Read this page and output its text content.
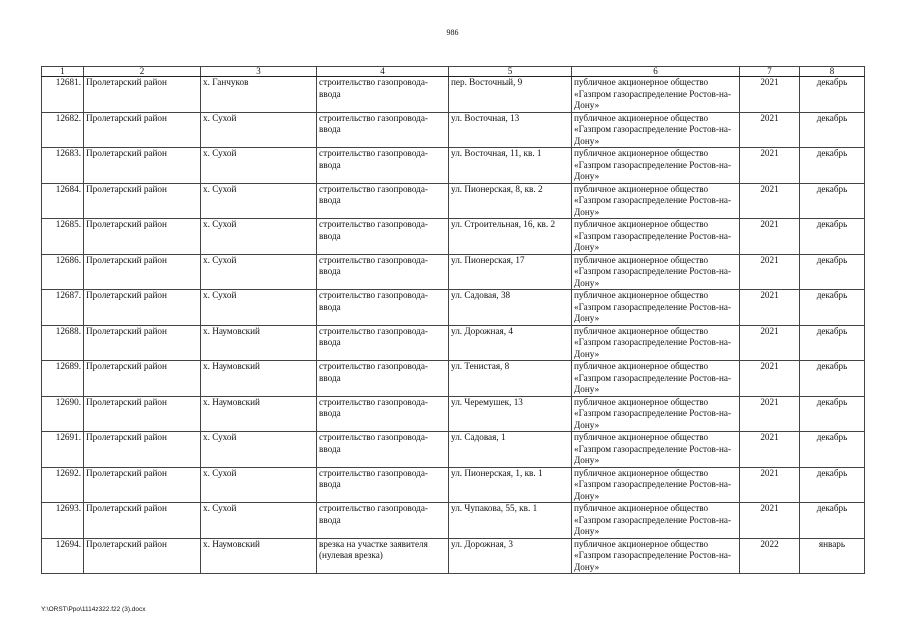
986
1	2	3	4	5	6	7	8
12681.	Пролетарский район	х. Ганчуков	строительство газопровода-ввода	пер. Восточный, 9	публичное акционерное общество «Газпром газораспределение Ростов-на-Дону»	2021	декабрь
12682.	Пролетарский район	х. Сухой	строительство газопровода-ввода	ул. Восточная, 13	публичное акционерное общество «Газпром газораспределение Ростов-на-Дону»	2021	декабрь
12683.	Пролетарский район	х. Сухой	строительство газопровода-ввода	ул. Восточная, 11, кв. 1	публичное акционерное общество «Газпром газораспределение Ростов-на-Дону»	2021	декабрь
12684.	Пролетарский район	х. Сухой	строительство газопровода-ввода	ул. Пионерская, 8, кв. 2	публичное акционерное общество «Газпром газораспределение Ростов-на-Дону»	2021	декабрь
12685.	Пролетарский район	х. Сухой	строительство газопровода-ввода	ул. Строительная, 16, кв. 2	публичное акционерное общество «Газпром газораспределение Ростов-на-Дону»	2021	декабрь
12686.	Пролетарский район	х. Сухой	строительство газопровода-ввода	ул. Пионерская, 17	публичное акционерное общество «Газпром газораспределение Ростов-на-Дону»	2021	декабрь
12687.	Пролетарский район	х. Сухой	строительство газопровода-ввода	ул. Садовая, 38	публичное акционерное общество «Газпром газораспределение Ростов-на-Дону»	2021	декабрь
12688.	Пролетарский район	х. Наумовский	строительство газопровода-ввода	ул. Дорожная, 4	публичное акционерное общество «Газпром газораспределение Ростов-на-Дону»	2021	декабрь
12689.	Пролетарский район	х. Наумовский	строительство газопровода-ввода	ул. Тенистая, 8	публичное акционерное общество «Газпром газораспределение Ростов-на-Дону»	2021	декабрь
12690.	Пролетарский район	х. Наумовский	строительство газопровода-ввода	ул. Черемушек, 13	публичное акционерное общество «Газпром газораспределение Ростов-на-Дону»	2021	декабрь
12691.	Пролетарский район	х. Сухой	строительство газопровода-ввода	ул. Садовая, 1	публичное акционерное общество «Газпром газораспределение Ростов-на-Дону»	2021	декабрь
12692.	Пролетарский район	х. Сухой	строительство газопровода-ввода	ул. Пионерская, 1, кв. 1	публичное акционерное общество «Газпром газораспределение Ростов-на-Дону»	2021	декабрь
12693.	Пролетарский район	х. Сухой	строительство газопровода-ввода	ул. Чупакова, 55, кв. 1	публичное акционерное общество «Газпром газораспределение Ростов-на-Дону»	2021	декабрь
12694.	Пролетарский район	х. Наумовский	врезка на участке заявителя (нулевая врезка)	ул. Дорожная, 3	публичное акционерное общество «Газпром газораспределение Ростов-на-Дону»	2022	январь
Y:\ORST\Ppo\1114z322.f22 (3).docx
